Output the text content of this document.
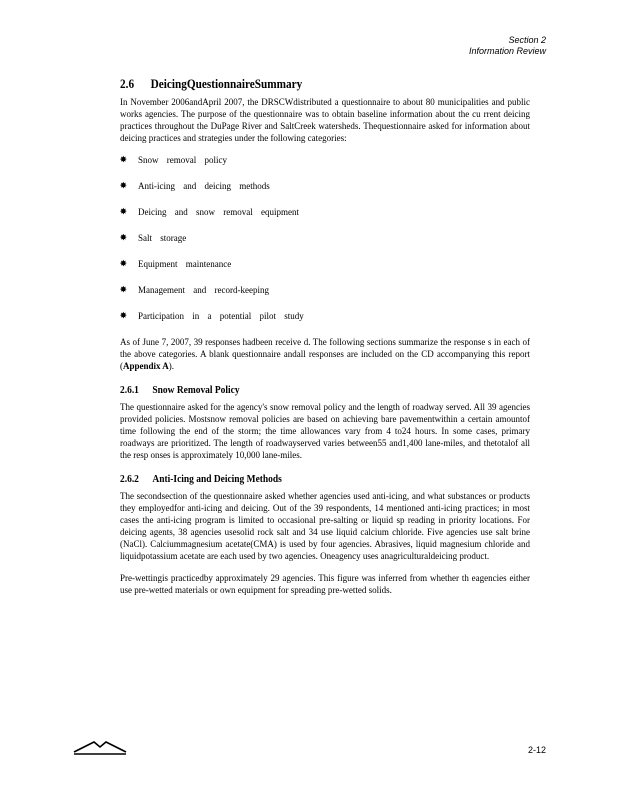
Section 2
Information Review
2.6 DeicingQuestionnaireSummary

In November 2006andApril 2007, the DRSCWdistributed a questionnaire to about 80 municipalities and public works agencies. The purpose of the questionnaire was to obtain baseline information about the cu rrent deicing practices throughout the DuPage River and SaltCreek watersheds. Thequestionnaire asked for information about deicing practices and strategies under the following categories:

✸	Snow removal policy
✸	Anti-icing and deicing methods
✸	Deicing and snow removal equipment
✸	Salt storage
✸	Equipment maintenance
✸	Management and record-keeping
✸	Participation in a potential pilot study

As of June 7, 2007, 39 responses hadbeen receive d. The following sections summarize the response s in each of the above categories. A blank questionnaire andall responses are included on the CD accompanying this report (Appendix A).

2.6.1 Snow Removal Policy

The questionnaire asked for the agency's snow removal policy and the length of roadway served. All 39 agencies provided policies. Mostsnow removal policies are based on achieving bare pavementwithin a certain amountof time following the end of the storm; the time allowances vary from 4 to24 hours. In some cases, primary roadways are prioritized. The length of roadwayserved varies between55 and1,400 lane-miles, and thetotalof all the resp onses is approximately 10,000 lane-miles.

2.6.2 Anti-Icing and Deicing Methods

The secondsection of the questionnaire asked whether agencies used anti-icing, and what substances or products they employedfor anti-icing and deicing. Out of the 39 respondents, 14 mentioned anti-icing practices; in most cases the anti-icing program is limited to occasional pre-salting or liquid sp reading in priority locations. For deicing agents, 38 agencies usesolid rock salt and 34 use liquid calcium chloride. Five agencies use salt brine (NaCl). Calciummagnesium acetate(CMA) is used by four agencies. Abrasives, liquid magnesium chloride and liquidpotassium acetate are each used by two agencies. Oneagency uses anagriculturaldeicing product.

Pre-wettingis practicedby approximately 29 agencies. This figure was inferred from whether th eagencies either use pre-wetted materials or own equipment for spreading pre-wetted solids.

2-12
